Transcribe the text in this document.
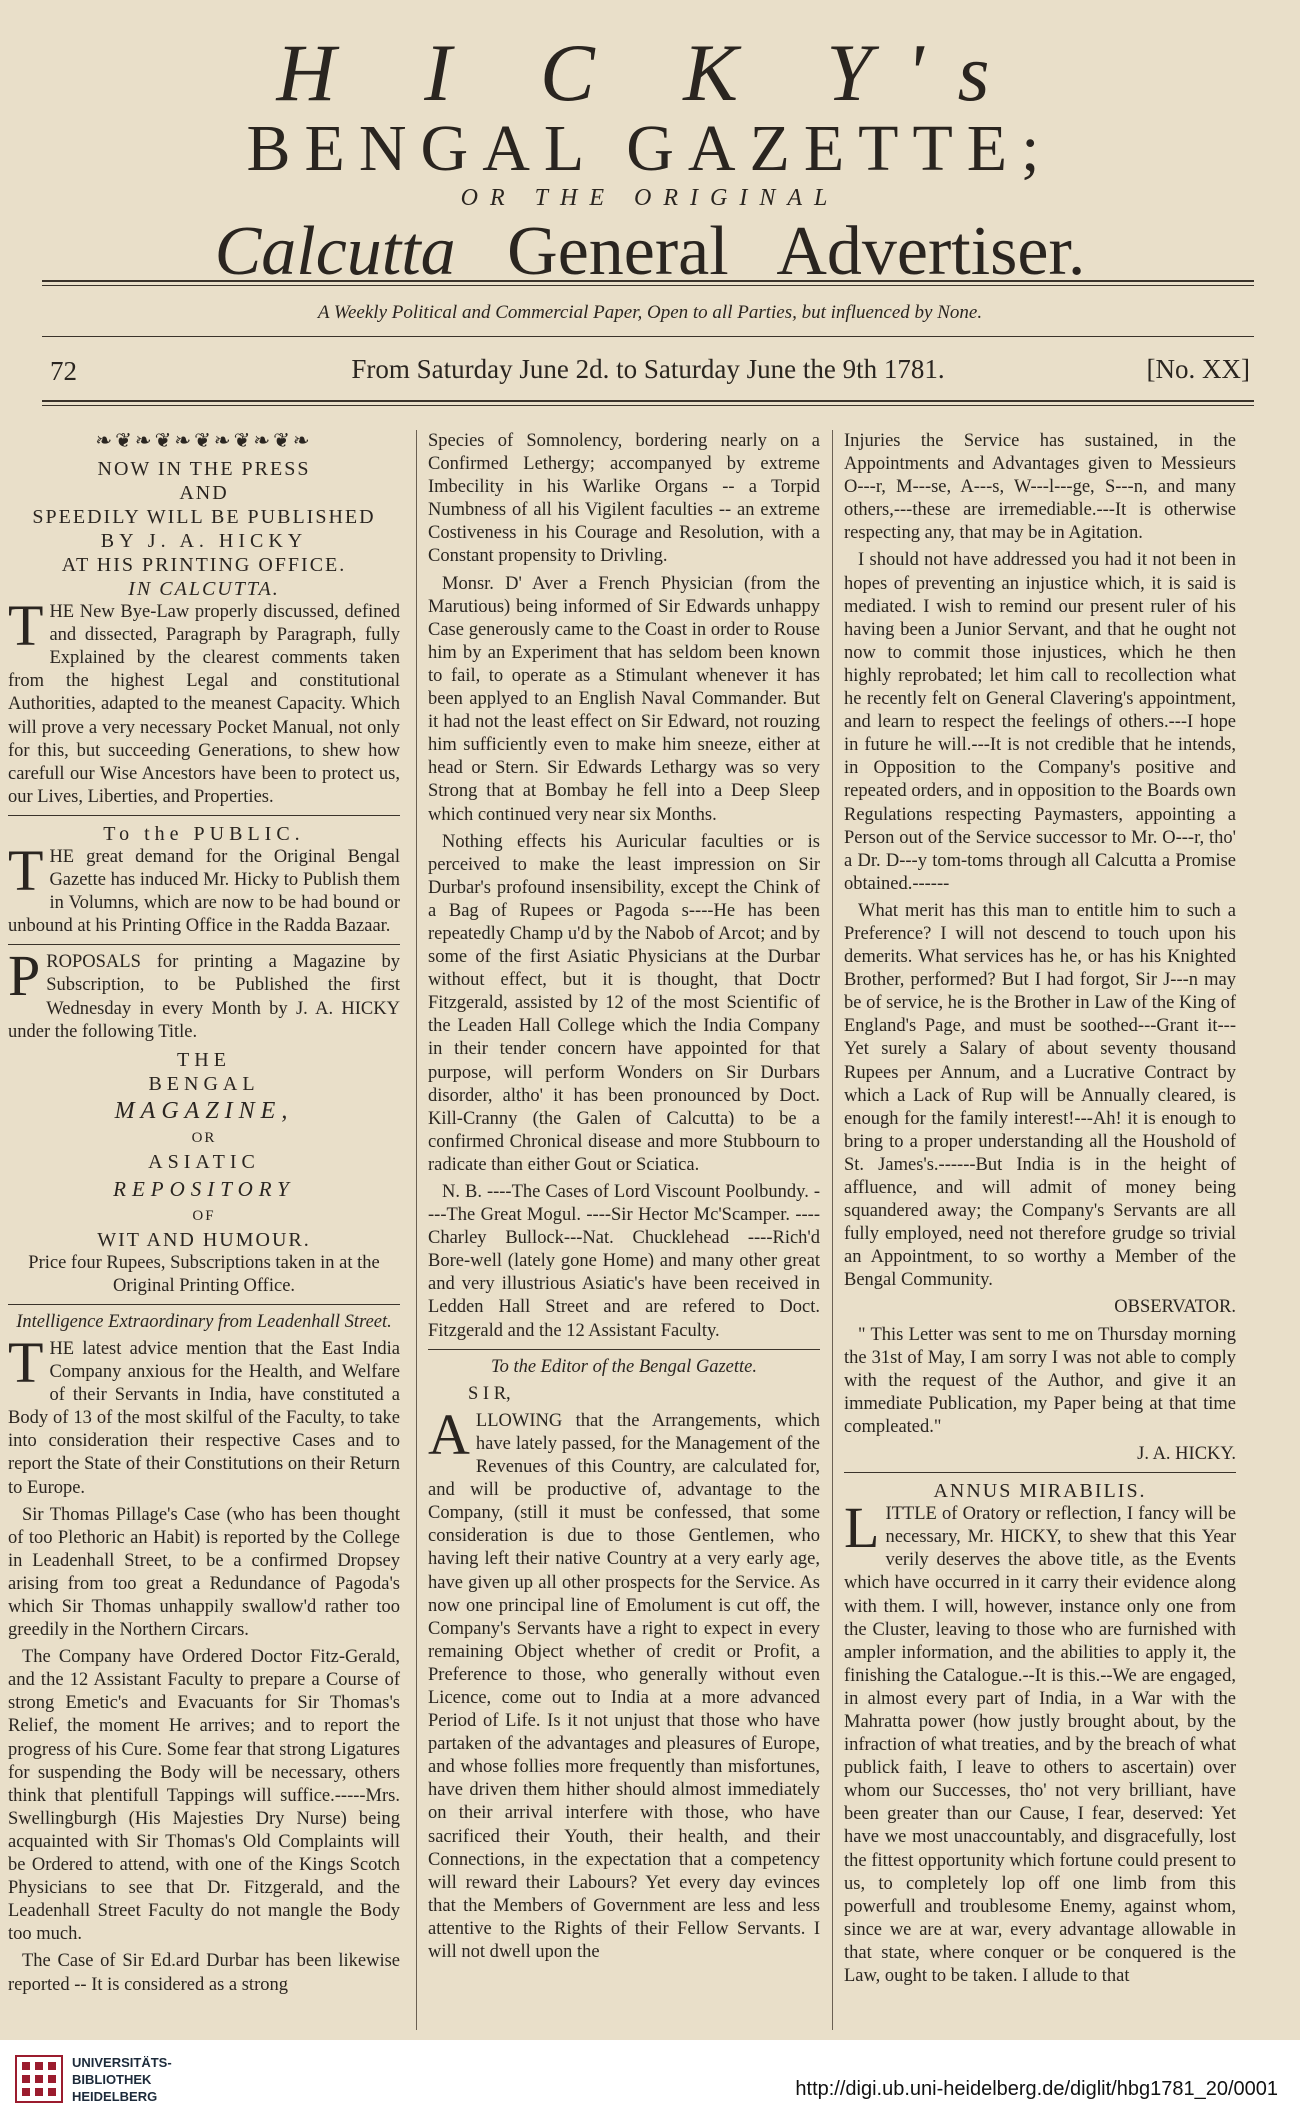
H I C K Y's
BENGAL GAZETTE;
OR THE ORIGINAL
Calcutta General Advertiser.
A Weekly Political and Commercial Paper, Open to all Parties, but influenced by None.
72	From Saturday June 2d. to Saturday June the 9th 1781.	[No. XX]
❧❦❧❦❧❦❧❦❧❦❧
NOW IN THE PRESS
AND
SPEEDILY WILL BE PUBLISHED
BY J. A. HICKY
AT HIS PRINTING OFFICE.
IN CALCUTTA.

THE New Bye-Law properly discussed, defined and dissected, Paragraph by Paragraph, fully Explained by the clearest comments taken from the highest Legal and constitutional Authorities, adapted to the meanest Capacity. Which will prove a very necessary Pocket Manual, not only for this, but succeeding Generations, to shew how carefull our Wise Ancestors have been to protect us, our Lives, Liberties, and Properties.

To the PUBLIC.

THE great demand for the Original Bengal Gazette has induced Mr. Hicky to Publish them in Volumns, which are now to be had bound or unbound at his Printing Office in the Radda Bazaar.

PROPOSALS for printing a Magazine by Subscription, to be Published the first Wednesday in every Month by J. A. HICKY under the following Title.

THE
BENGAL
MAGAZINE,
OR
ASIATIC
REPOSITORY
OF
WIT AND HUMOUR.

Price four Rupees, Subscriptions taken in at the Original Printing Office.

Intelligence Extraordinary from Leadenhall Street.

THE latest advice mention that the East India Company anxious for the Health, and Welfare of their Servants in India, have constituted a Body of 13 of the most skilful of the Faculty, to take into consideration their respective Cases and to report the State of their Constitutions on their Return to Europe.

Sir Thomas Pillage's Case (who has been thought of too Plethoric an Habit) is reported by the College in Leadenhall Street, to be a confirmed Dropsey arising from too great a Redundance of Pagoda's which Sir Thomas unhappily swallow'd rather too greedily in the Northern Circars.

The Company have Ordered Doctor Fitz-Gerald, and the 12 Assistant Faculty to prepare a Course of strong Emetic's and Evacuants for Sir Thomas's Relief, the moment He arrives; and to report the progress of his Cure. Some fear that strong Ligatures for suspending the Body will be necessary, others think that plentifull Tappings will suffice.-----Mrs. Swellingburgh (His Majesties Dry Nurse) being acquainted with Sir Thomas's Old Complaints will be Ordered to attend, with one of the Kings Scotch Physicians to see that Dr. Fitzgerald, and the Leadenhall Street Faculty do not mangle the Body too much.

The Case of Sir Ed.ard Durbar has been likewise reported -- It is considered as a strong

Species of Somnolency, bordering nearly on a Confirmed Lethergy; accompanyed by extreme Imbecility in his Warlike Organs -- a Torpid Numbness of all his Vigilent faculties -- an extreme Costiveness in his Courage and Resolution, with a Constant propensity to Drivling.

Monsr. D' Aver a French Physician (from the Marutious) being informed of Sir Edwards unhappy Case generously came to the Coast in order to Rouse him by an Experiment that has seldom been known to fail, to operate as a Stimulant whenever it has been applyed to an English Naval Commander. But it had not the least effect on Sir Edward, not rouzing him sufficiently even to make him sneeze, either at head or Stern. Sir Edwards Lethargy was so very Strong that at Bombay he fell into a Deep Sleep which continued very near six Months.

Nothing effects his Auricular faculties or is perceived to make the least impression on Sir Durbar's profound insensibility, except the Chink of a Bag of Rupees or Pagoda s----He has been repeatedly Champ u'd by the Nabob of Arcot; and by some of the first Asiatic Physicians at the Durbar without effect, but it is thought, that Doctr Fitzgerald, assisted by 12 of the most Scientific of the Leaden Hall College which the India Company in their tender concern have appointed for that purpose, will perform Wonders on Sir Durbars disorder, altho' it has been pronounced by Doct. Kill-Cranny (the Galen of Calcutta) to be a confirmed Chronical disease and more Stubbourn to radicate than either Gout or Sciatica.

N. B. ----The Cases of Lord Viscount Poolbundy. ----The Great Mogul. ----Sir Hector Mc'Scamper. ----Charley Bullock---Nat. Chucklehead ----Rich'd Bore-well (lately gone Home) and many other great and very illustrious Asiatic's have been received in Ledden Hall Street and are refered to Doct. Fitzgerald and the 12 Assistant Faculty.

To the Editor of the Bengal Gazette.

S I R,

ALLOWING that the Arrangements, which have lately passed, for the Management of the Revenues of this Country, are calculated for, and will be productive of, advantage to the Company, (still it must be confessed, that some consideration is due to those Gentlemen, who having left their native Country at a very early age, have given up all other prospects for the Service. As now one principal line of Emolument is cut off, the Company's Servants have a right to expect in every remaining Object whether of credit or Profit, a Preference to those, who generally without even Licence, come out to India at a more advanced Period of Life. Is it not unjust that those who have partaken of the advantages and pleasures of Europe, and whose follies more frequently than misfortunes, have driven them hither should almost immediately on their arrival interfere with those, who have sacrificed their Youth, their health, and their Connections, in the expectation that a competency will reward their Labours? Yet every day evinces that the Members of Government are less and less attentive to the Rights of their Fellow Servants. I will not dwell upon the

Injuries the Service has sustained, in the Appointments and Advantages given to Messieurs O---r, M---se, A---s, W---l---ge, S---n, and many others,---these are irremediable.---It is otherwise respecting any, that may be in Agitation.

I should not have addressed you had it not been in hopes of preventing an injustice which, it is said is mediated. I wish to remind our present ruler of his having been a Junior Servant, and that he ought not now to commit those injustices, which he then highly reprobated; let him call to recollection what he recently felt on General Clavering's appointment, and learn to respect the feelings of others.---I hope in future he will.---It is not credible that he intends, in Opposition to the Company's positive and repeated orders, and in opposition to the Boards own Regulations respecting Paymasters, appointing a Person out of the Service successor to Mr. O---r, tho' a Dr. D---y tom-toms through all Calcutta a Promise obtained.------

What merit has this man to entitle him to such a Preference? I will not descend to touch upon his demerits. What services has he, or has his Knighted Brother, performed? But I had forgot, Sir J---n may be of service, he is the Brother in Law of the King of England's Page, and must be soothed---Grant it---Yet surely a Salary of about seventy thousand Rupees per Annum, and a Lucrative Contract by which a Lack of Rup will be Annually cleared, is enough for the family interest!---Ah! it is enough to bring to a proper understanding all the Houshold of St. James's.------But India is in the height of affluence, and will admit of money being squandered away; the Company's Servants are all fully employed, need not therefore grudge so trivial an Appointment, to so worthy a Member of the Bengal Community.

OBSERVATOR.

" This Letter was sent to me on Thursday morning the 31st of May, I am sorry I was not able to comply with the request of the Author, and give it an immediate Publication, my Paper being at that time compleated."

J. A. HICKY.

ANNUS MIRABILIS.

LITTLE of Oratory or reflection, I fancy will be necessary, Mr. HICKY, to shew that this Year verily deserves the above title, as the Events which have occurred in it carry their evidence along with them. I will, however, instance only one from the Cluster, leaving to those who are furnished with ampler information, and the abilities to apply it, the finishing the Catalogue.--It is this.--We are engaged, in almost every part of India, in a War with the Mahratta power (how justly brought about, by the infraction of what treaties, and by the breach of what publick faith, I leave to others to ascertain) over whom our Successes, tho' not very brilliant, have been greater than our Cause, I fear, deserved: Yet have we most unaccountably, and disgracefully, lost the fittest opportunity which fortune could present to us, to completely lop off one limb from this powerfull and troublesome Enemy, against whom, since we are at war, every advantage allowable in that state, where conquer or be conquered is the Law, ought to be taken. I allude to that

UNIVERSITÄTS-
BIBLIOTHEK
HEIDELBERG	http://digi.ub.uni-heidelberg.de/diglit/hbg1781_20/0001
